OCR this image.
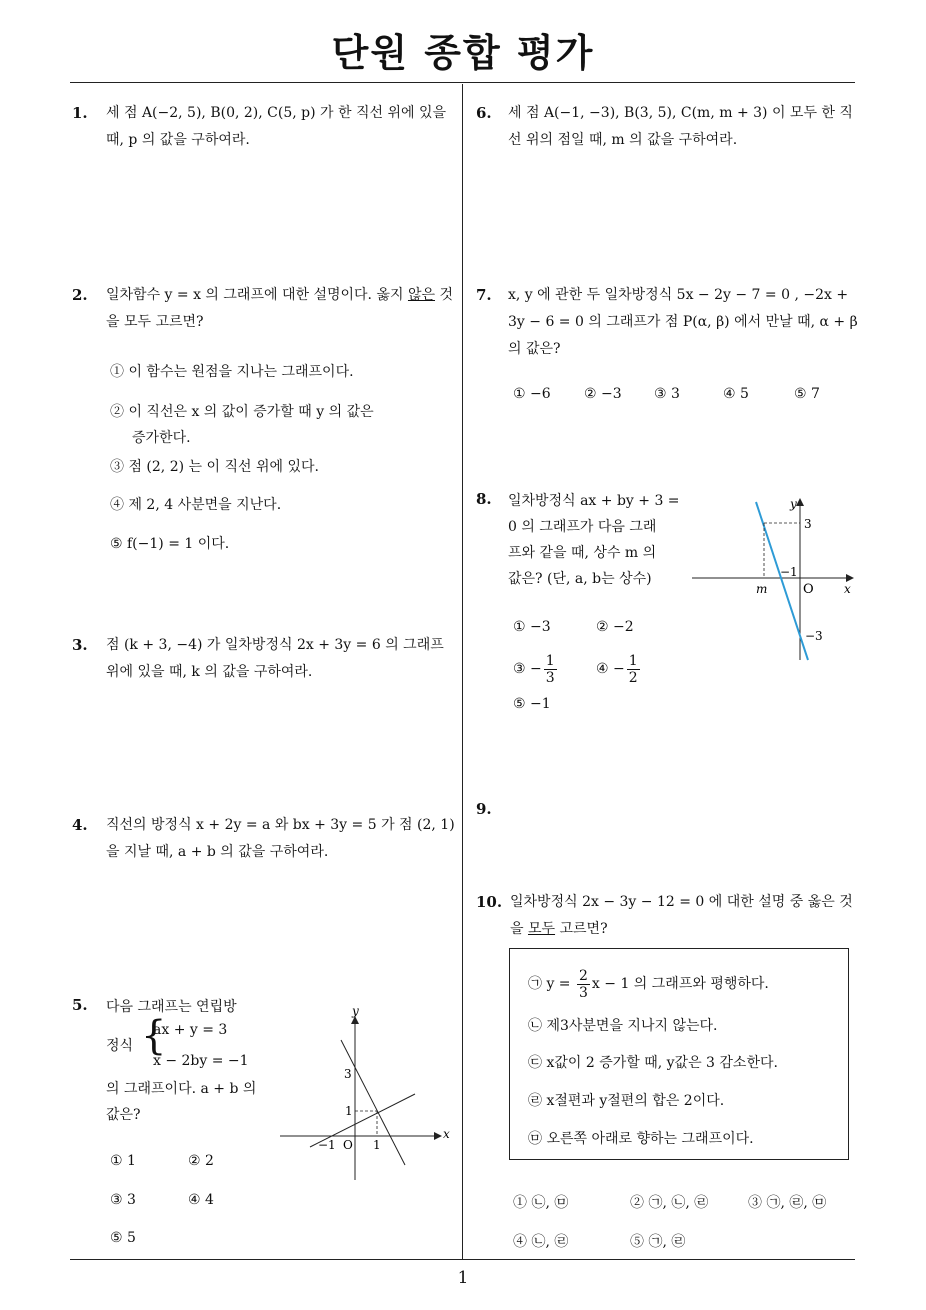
단원 종합 평가
1
1. 세 점 A(−2, 5), B(0, 2), C(5, p) 가 한 직선 위에 있을 때, p 의 값을 구하여라.
2. 일차함수 y = x 의 그래프에 대한 설명이다. 옳지 않은 것을 모두 고르면?
① 이 함수는 원점을 지나는 그래프이다.
② 이 직선은 x 의 값이 증가할 때 y 의 값은
증가한다.
③ 점 (2, 2) 는 이 직선 위에 있다.
④ 제 2, 4 사분면을 지난다.
⑤ f(−1) = 1 이다.
3. 점 (k + 3, −4) 가 일차방정식 2x + 3y = 6 의 그래프 위에 있을 때, k 의 값을 구하여라.
4. 직선의 방정식 x + 2y = a 와 bx + 3y = 5 가 점 (2, 1) 을 지날 때, a + b 의 값을 구하여라.
5. 다음 그래프는 연립방
정식 {
ax + y = 3
x − 2by = −1
의 그래프이다. a + b 의
값은?
x
y
O
3
1
−1	1
① 1	② 2
③ 3	④ 4
⑤ 5
6. 세 점 A(−1, −3), B(3, 5), C(m, m + 3) 이 모두 한 직선 위의 점일 때, m 의 값을 구하여라.
7. x, y 에 관한 두 일차방정식 5x − 2y − 7 = 0 , −2x + 3y − 6 = 0 의 그래프가 점 P(α, β) 에서 만날 때, α + β 의 값은?
① −6 ② −3 ③ 3	④ 5	⑤ 7
8. 일차방정식 ax + by + 3 =
0 의 그래프가 다음 그래
프와 같을 때, 상수 m 의
값은? (단, a, b는 상수)
x
y
O
3
−1
m
−3
① −3	② −2
③ − $\frac{1}{3}$	④ − $\frac{1}{2}$
⑤ −1
9.
10. 일차방정식 2x − 3y − 12 = 0 에 대한 설명 중 옳은 것을 모두 고르면?
㉠ $y = \frac{2}{3}$ x − 1 의 그래프와 평행하다.
㉡ 제3사분면을 지나지 않는다.
㉢ x값이 2 증가할 때, y값은 3 감소한다.
㉣ x절편과 y절편의 합은 2이다.
㉤ 오른쪽 아래로 향하는 그래프이다.
① ㉡, ㉤	② ㉠, ㉡, ㉣	③ ㉠, ㉣, ㉤
④ ㉡, ㉣	⑤ ㉠, ㉣
